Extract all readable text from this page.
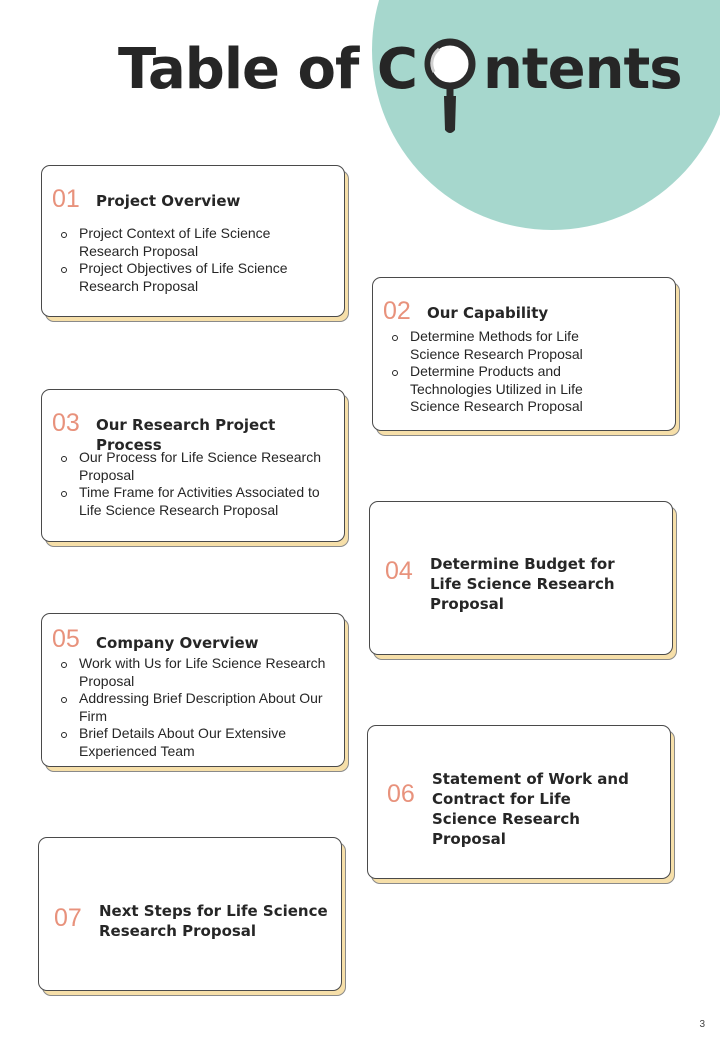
Table of C ntents
01 Project Overview
Project Context of Life Science Research Proposal
Project Objectives of Life Science Research Proposal
02 Our Capability
Determine Methods for Life Science Research Proposal
Determine Products and Technologies Utilized in Life Science Research Proposal
03 Our Research Project Process
Our Process for Life Science Research Proposal
Time Frame for Activities Associated to Life Science Research Proposal
04 Determine Budget for Life Science Research Proposal
05 Company Overview
Work with Us for Life Science Research Proposal
Addressing Brief Description About Our Firm
Brief Details About Our Extensive Experienced Team
06
Statement of Work and Contract for Life Science Research Proposal
07 Next Steps for Life Science Research Proposal
3
